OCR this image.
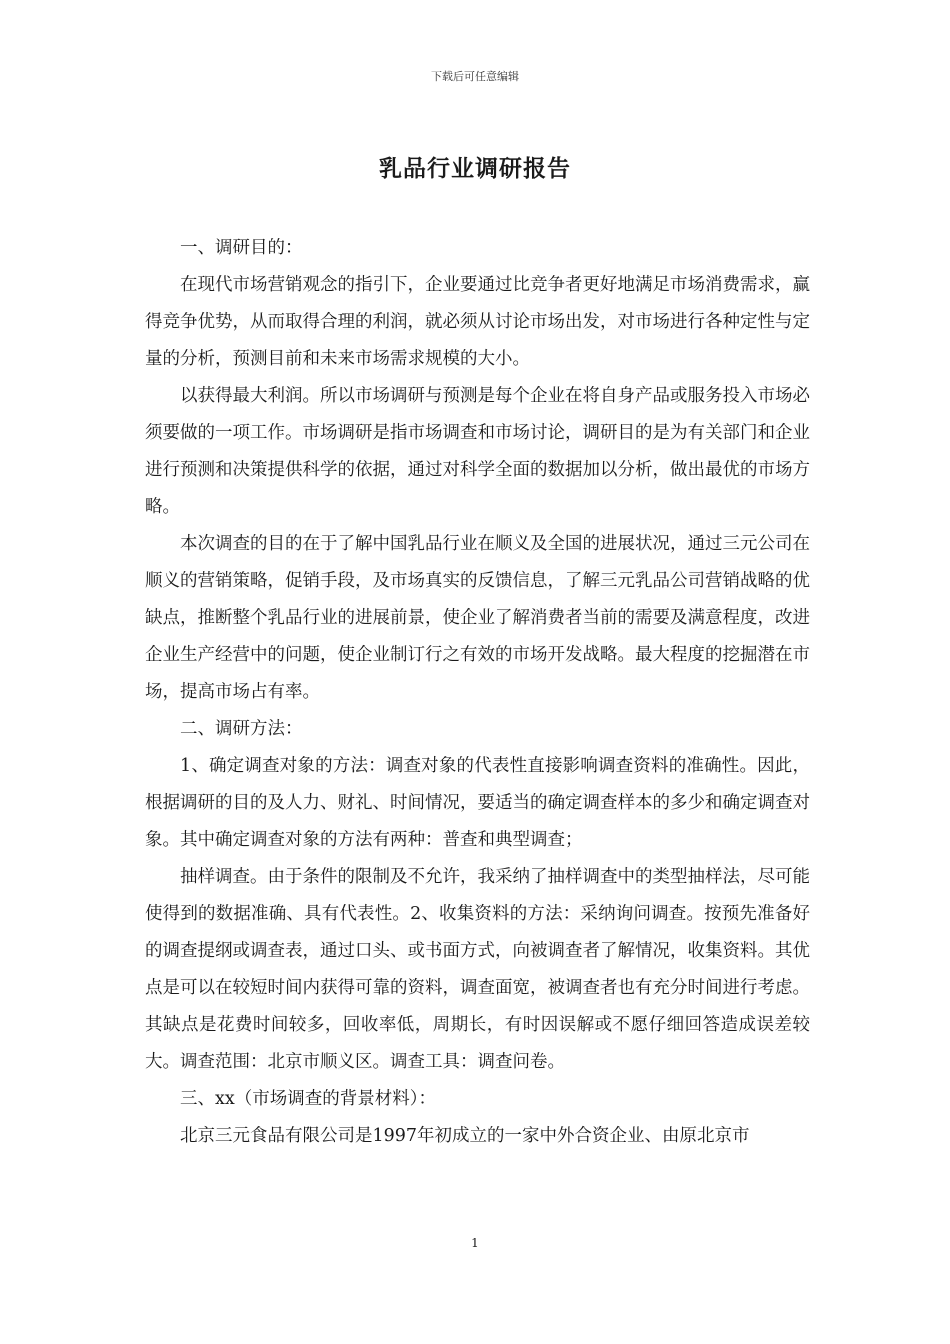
下载后可任意编辑
乳品行业调研报告

一、调研目的：

在现代市场营销观念的指引下，企业要通过比竞争者更好地满足市场消费需求，赢得竞争优势，从而取得合理的利润，就必须从讨论市场出发，对市场进行各种定性与定量的分析，预测目前和未来市场需求规模的大小。

以获得最大利润。所以市场调研与预测是每个企业在将自身产品或服务投入市场必须要做的一项工作。市场调研是指市场调查和市场讨论，调研目的是为有关部门和企业进行预测和决策提供科学的依据，通过对科学全面的数据加以分析，做出最优的市场方略。

本次调查的目的在于了解中国乳品行业在顺义及全国的进展状况，通过三元公司在顺义的营销策略，促销手段，及市场真实的反馈信息，了解三元乳品公司营销战略的优缺点，推断整个乳品行业的进展前景，使企业了解消费者当前的需要及满意程度，改进企业生产经营中的问题，使企业制订行之有效的市场开发战略。最大程度的挖掘潜在市场，提高市场占有率。

二、调研方法：

1、确定调查对象的方法：调查对象的代表性直接影响调查资料的准确性。因此，根据调研的目的及人力、财礼、时间情况，要适当的确定调查样本的多少和确定调查对象。其中确定调查对象的方法有两种：普查和典型调查；

抽样调查。由于条件的限制及不允许，我采纳了抽样调查中的类型抽样法，尽可能使得到的数据准确、具有代表性。2、收集资料的方法：采纳询问调查。按预先准备好的调查提纲或调查表，通过口头、或书面方式，向被调查者了解情况，收集资料。其优点是可以在较短时间内获得可靠的资料，调查面宽，被调查者也有充分时间进行考虑。其缺点是花费时间较多，回收率低，周期长，有时因误解或不愿仔细回答造成误差较大。调查范围：北京市顺义区。调查工具：调查问卷。

三、xx（市场调查的背景材料）：

北京三元食品有限公司是1997年初成立的一家中外合资企业、由原北京市

1
